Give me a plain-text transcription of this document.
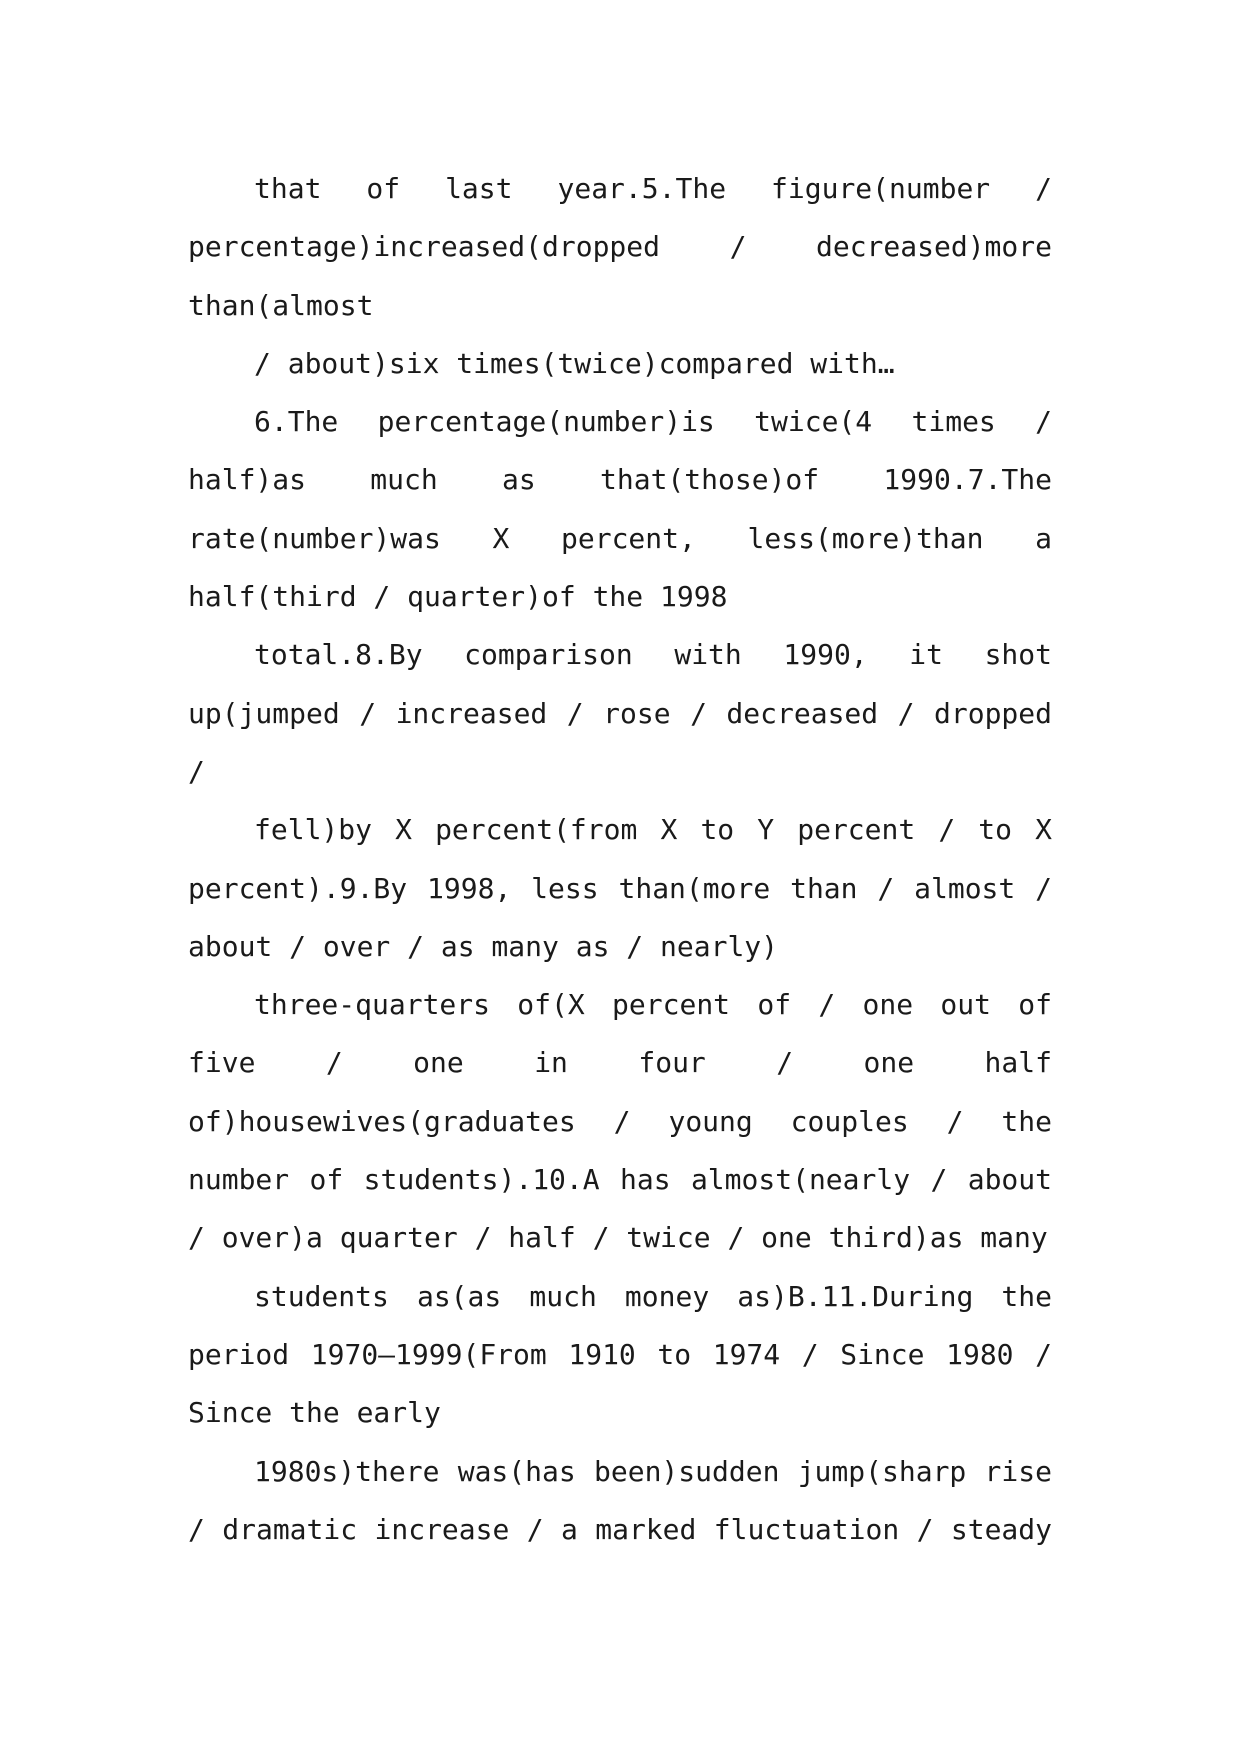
that of last year.5.The figure(number /
percentage)increased(dropped / decreased)more
than(almost
/ about)six times(twice)compared with…
6.The percentage(number)is twice(4 times /
half)as much as that(those)of 1990.7.The
rate(number)was X percent, less(more)than a
half(third / quarter)of the 1998
total.8.By comparison with 1990, it shot
up(jumped / increased / rose / decreased / dropped
/
fell)by X percent(from X to Y percent / to X
percent).9.By 1998, less than(more than / almost /
about / over / as many as / nearly)
three-quarters of(X percent of / one out of
five / one in four / one half
of)housewives(graduates / young couples / the
number of students).10.A has almost(nearly / about
/ over)a quarter / half / twice / one third)as many
students as(as much money as)B.11.During the
period 1970—1999(From 1910 to 1974 / Since 1980 /
Since the early
1980s)there was(has been)sudden jump(sharp rise
/ dramatic increase / a marked fluctuation / steady
